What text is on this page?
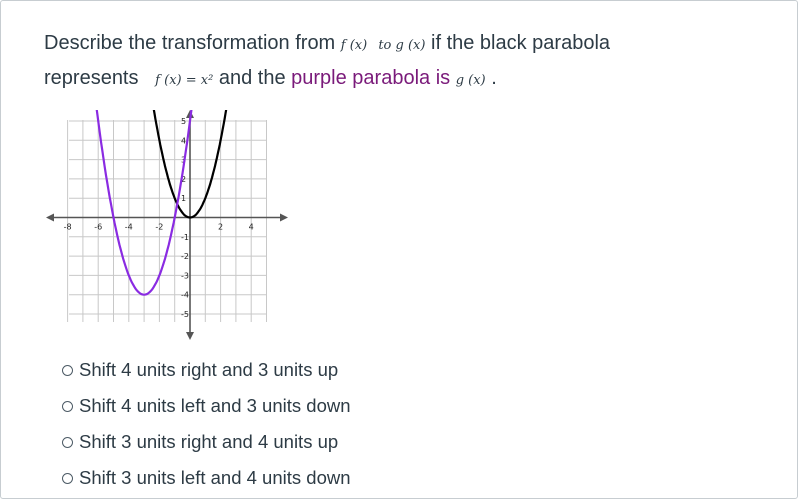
Describe the transformation from f (x) to g (x) if the black parabola
represents f (x) = x² and the purple parabola is g (x) .
-8	-6	-4	-2	2	4
5
4
3
2
1
-1
-2
-3
-4
-5
Shift 4 units right and 3 units up
Shift 4 units left and 3 units down
Shift 3 units right and 4 units up
Shift 3 units left and 4 units down
